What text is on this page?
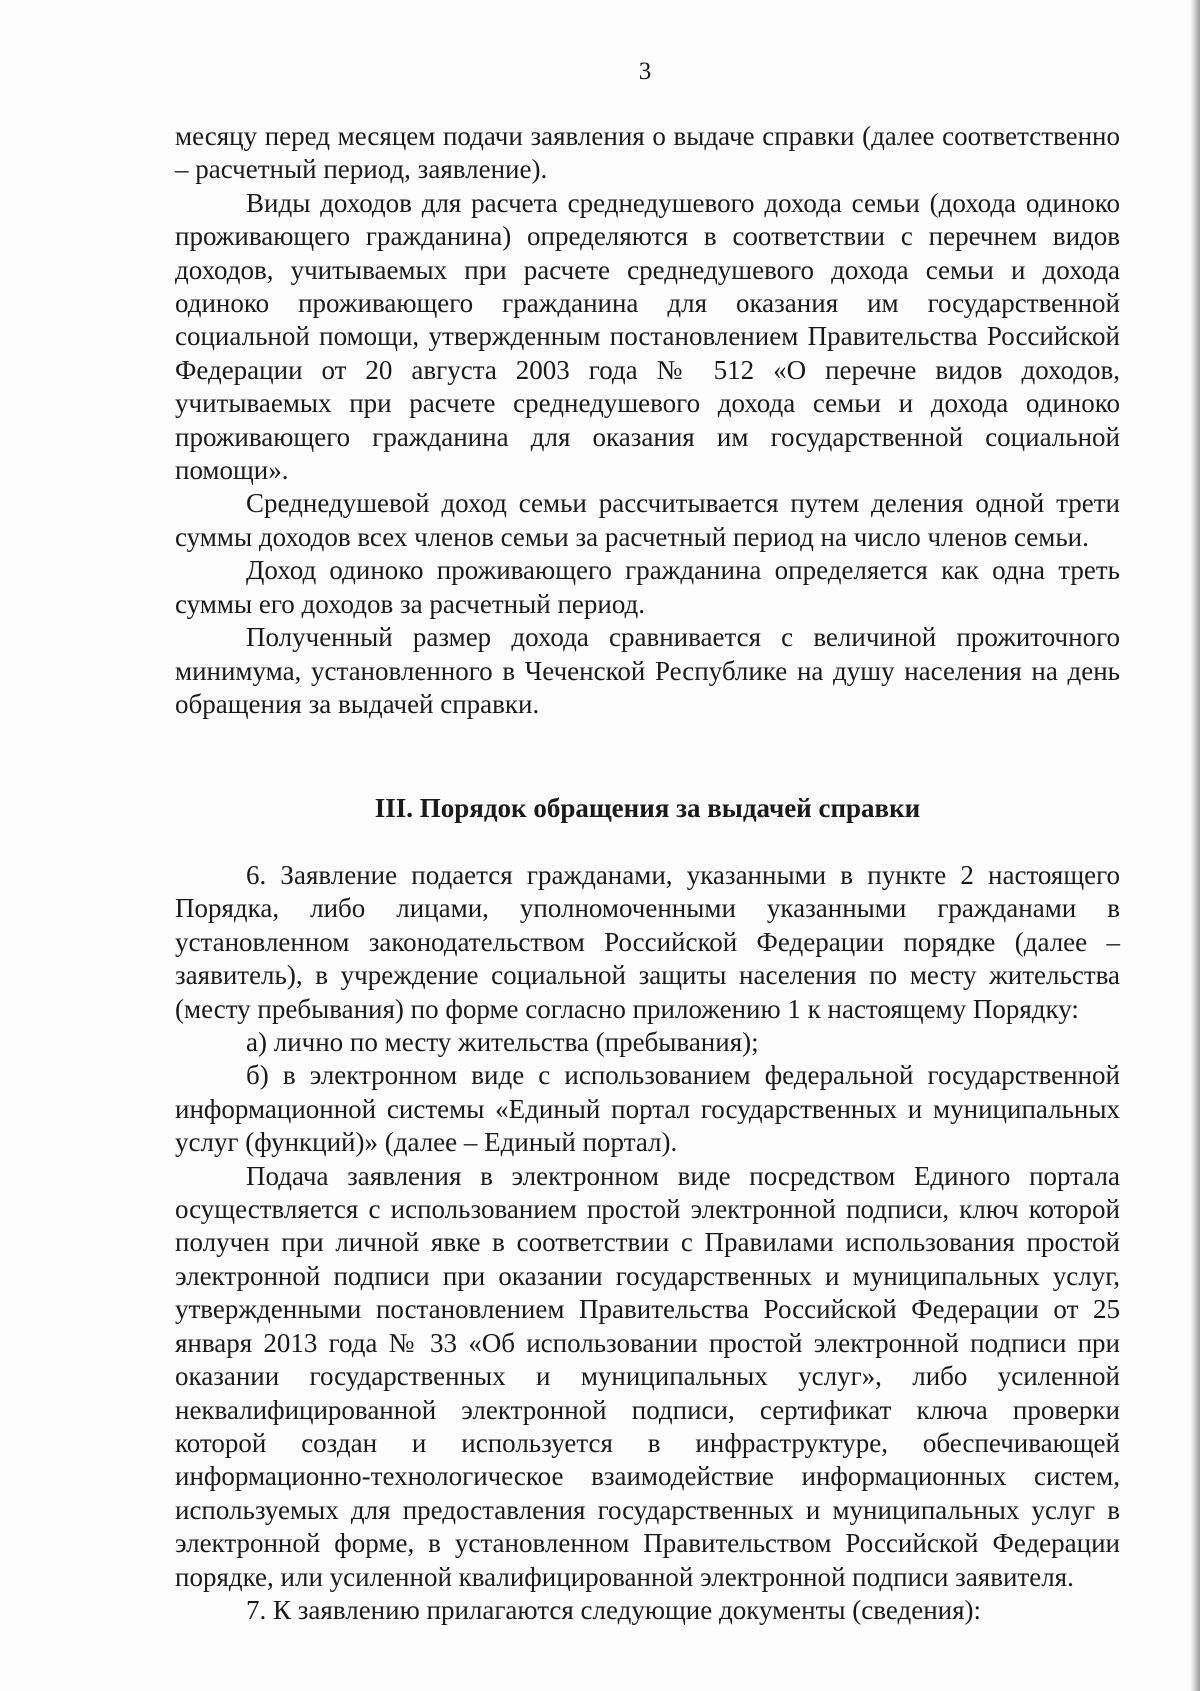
3

месяцу перед месяцем подачи заявления о выдаче справки (далее соответственно – расчетный период, заявление).

Виды доходов для расчета среднедушевого дохода семьи (дохода одиноко проживающего гражданина) определяются в соответствии с перечнем видов доходов, учитываемых при расчете среднедушевого дохода семьи и дохода одиноко проживающего гражданина для оказания им государственной социальной помощи, утвержденным постановлением Правительства Российской Федерации от 20 августа 2003 года № 512 «О перечне видов доходов, учитываемых при расчете среднедушевого дохода семьи и дохода одиноко проживающего гражданина для оказания им государственной социальной помощи».

Среднедушевой доход семьи рассчитывается путем деления одной трети суммы доходов всех членов семьи за расчетный период на число членов семьи.

Доход одиноко проживающего гражданина определяется как одна треть суммы его доходов за расчетный период.

Полученный размер дохода сравнивается с величиной прожиточного минимума, установленного в Чеченской Республике на душу населения на день обращения за выдачей справки.

III. Порядок обращения за выдачей справки

6. Заявление подается гражданами, указанными в пункте 2 настоящего Порядка, либо лицами, уполномоченными указанными гражданами в установленном законодательством Российской Федерации порядке (далее – заявитель), в учреждение социальной защиты населения по месту жительства (месту пребывания) по форме согласно приложению 1 к настоящему Порядку:

а) лично по месту жительства (пребывания);

б) в электронном виде с использованием федеральной государственной информационной системы «Единый портал государственных и муниципальных услуг (функций)» (далее – Единый портал).

Подача заявления в электронном виде посредством Единого портала осуществляется с использованием простой электронной подписи, ключ которой получен при личной явке в соответствии с Правилами использования простой электронной подписи при оказании государственных и муниципальных услуг, утвержденными постановлением Правительства Российской Федерации от 25 января 2013 года № 33 «Об использовании простой электронной подписи при оказании государственных и муниципальных услуг», либо усиленной неквалифицированной электронной подписи, сертификат ключа проверки которой создан и используется в инфраструктуре, обеспечивающей информационно-технологическое взаимодействие информационных систем, используемых для предоставления государственных и муниципальных услуг в электронной форме, в установленном Правительством Российской Федерации порядке, или усиленной квалифицированной электронной подписи заявителя.

7. К заявлению прилагаются следующие документы (сведения):
